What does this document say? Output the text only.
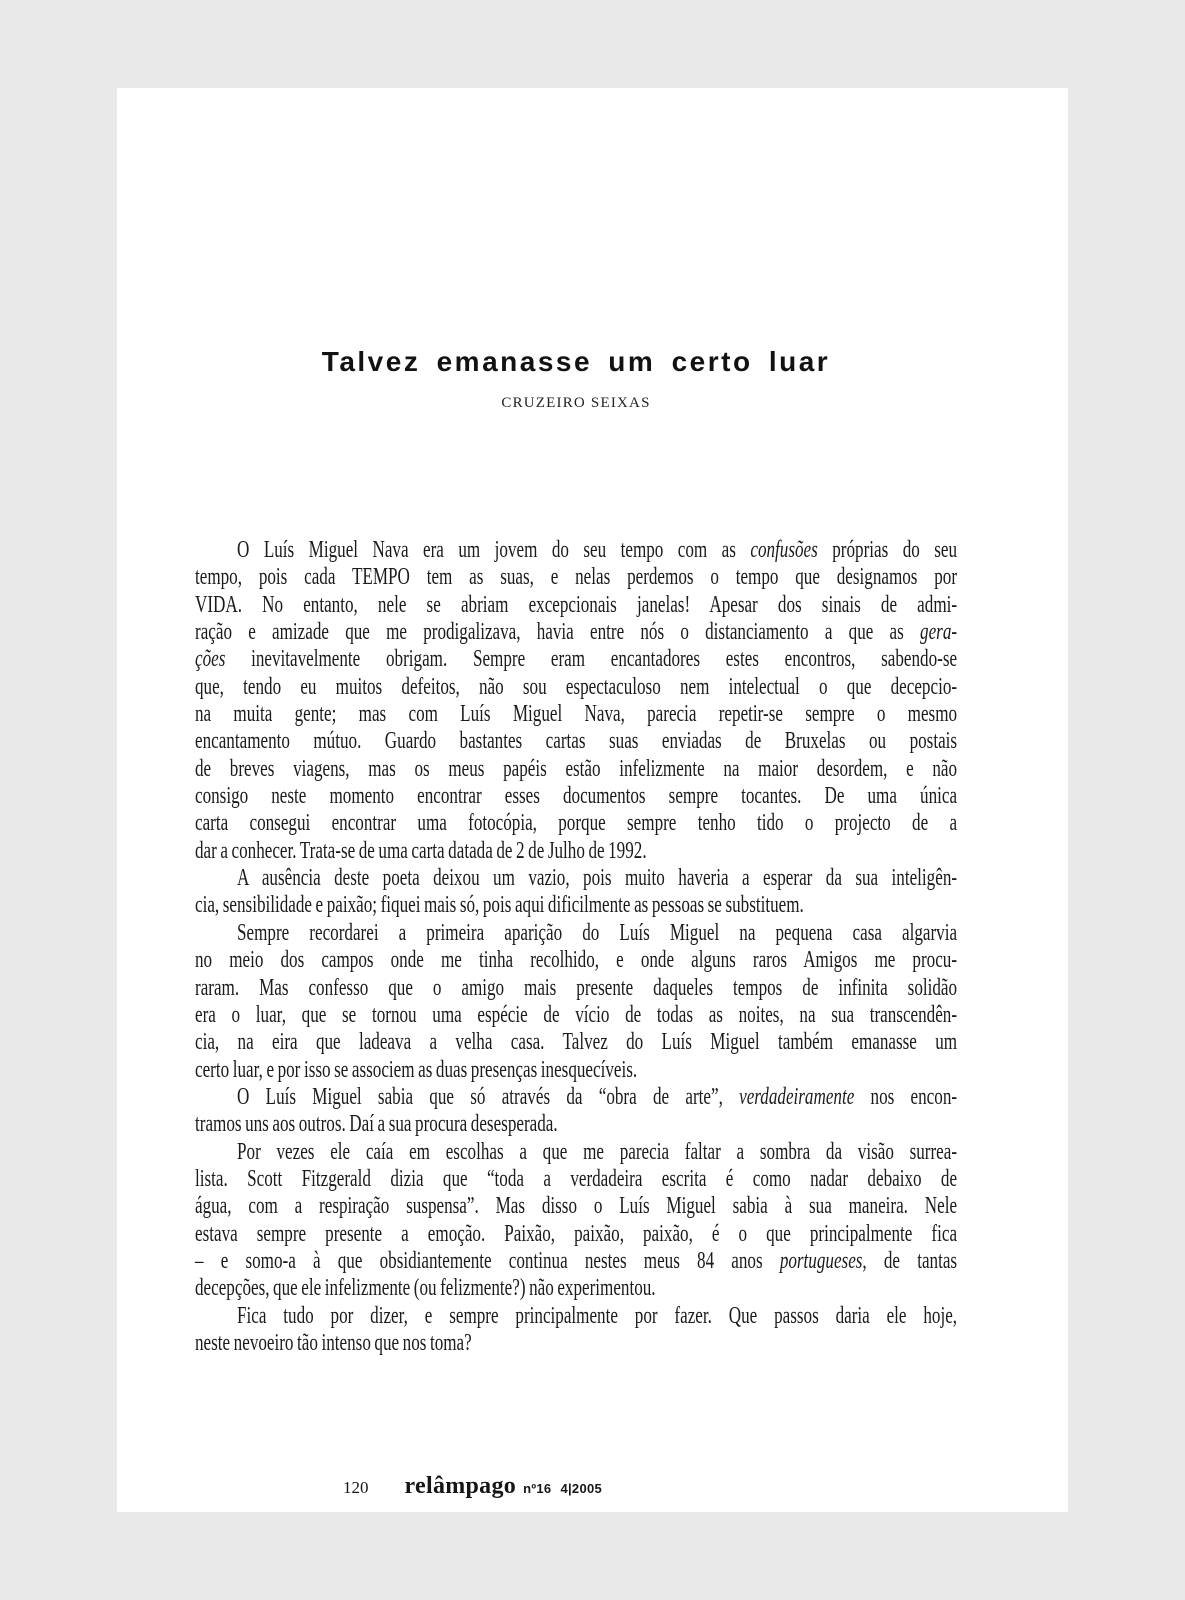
Talvez emanasse um certo luar
CRUZEIRO SEIXAS
O Luís Miguel Nava era um jovem do seu tempo com as confusões próprias do seu
tempo, pois cada TEMPO tem as suas, e nelas perdemos o tempo que designamos por
VIDA. No entanto, nele se abriam excepcionais janelas! Apesar dos sinais de admi-
ração e amizade que me prodigalizava, havia entre nós o distanciamento a que as gera-
ções inevitavelmente obrigam. Sempre eram encantadores estes encontros, sabendo-se
que, tendo eu muitos defeitos, não sou espectaculoso nem intelectual o que decepcio-
na muita gente; mas com Luís Miguel Nava, parecia repetir-se sempre o mesmo
encantamento mútuo. Guardo bastantes cartas suas enviadas de Bruxelas ou postais
de breves viagens, mas os meus papéis estão infelizmente na maior desordem, e não
consigo neste momento encontrar esses documentos sempre tocantes. De uma única
carta consegui encontrar uma fotocópia, porque sempre tenho tido o projecto de a
dar a conhecer. Trata-se de uma carta datada de 2 de Julho de 1992.
A ausência deste poeta deixou um vazio, pois muito haveria a esperar da sua inteligên-
cia, sensibilidade e paixão; fiquei mais só, pois aqui dificilmente as pessoas se substituem.
Sempre recordarei a primeira aparição do Luís Miguel na pequena casa algarvia
no meio dos campos onde me tinha recolhido, e onde alguns raros Amigos me procu-
raram. Mas confesso que o amigo mais presente daqueles tempos de infinita solidão
era o luar, que se tornou uma espécie de vício de todas as noites, na sua transcendên-
cia, na eira que ladeava a velha casa. Talvez do Luís Miguel também emanasse um
certo luar, e por isso se associem as duas presenças inesquecíveis.
O Luís Miguel sabia que só através da “obra de arte”, verdadeiramente nos encon-
tramos uns aos outros. Daí a sua procura desesperada.
Por vezes ele caía em escolhas a que me parecia faltar a sombra da visão surrea-
lista. Scott Fitzgerald dizia que “toda a verdadeira escrita é como nadar debaixo de
água, com a respiração suspensa”. Mas disso o Luís Miguel sabia à sua maneira. Nele
estava sempre presente a emoção. Paixão, paixão, paixão, é o que principalmente fica
– e somo-a à que obsidiantemente continua nestes meus 84 anos portugueses, de tantas
decepções, que ele infelizmente (ou felizmente?) não experimentou.
Fica tudo por dizer, e sempre principalmente por fazer. Que passos daria ele hoje,
neste nevoeiro tão intenso que nos toma?
120 relâmpago nº16 4|2005
